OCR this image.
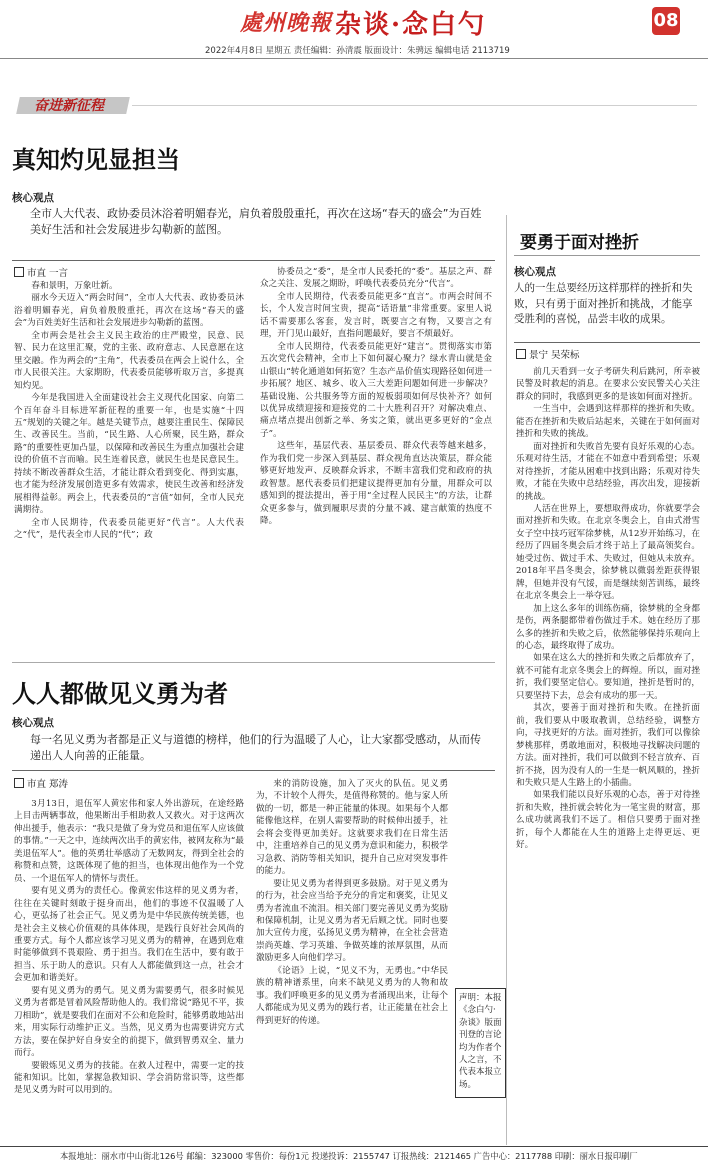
處州晚報 杂谈·念白勺	08
2022年4月8日 星期五 责任编辑：孙清震 版面设计：朱骋远 编辑电话 2113719
奋进新征程
真知灼见显担当
核心观点
全市人大代表、政协委员沐浴着明媚春光，肩负着殷殷重托，再次在这场“春天的盛会”为百姓美好生活和社会发展进步勾勒新的蓝图。
市直 一言

春和景明，万象吐新。

丽水今天迈入“两会时间”，全市人大代表、政协委员沐浴着明媚春光，肩负着殷殷重托，再次在这场“春天的盛会”为百姓美好生活和社会发展进步勾勒新的蓝图。

全市两会是社会主义民主政治的庄严殿堂，民意、民智、民力在这里汇聚，党的主张、政府意志、人民意愿在这里交融。作为两会的“主角”，代表委员在两会上说什么，全市人民很关注。大家期盼，代表委员能够听取万言，多提真知灼见。

今年是我国进入全面建设社会主义现代化国家、向第二个百年奋斗目标进军新征程的重要一年，也是实施“十四五”规划的关键之年。越是关键节点，越要注重民生、保障民生、改善民生。当前，“民生路、人心所聚，民生路，群众路”的重要性更加凸显，以保障和改善民生为重点加强社会建设的价值不言而喻。民生连着民意，就民生也是民意民生。持续不断改善群众生活，才能让群众看到变化、得到实惠，也才能为经济发展创造更多有效需求，使民生改善和经济发展相得益彰。两会上，代表委员的“言值”如何，全市人民充满期待。

全市人民期待，代表委员能更好“代言”。人大代表之“代”，是代表全市人民的“代”；政

协委员之“委”，是全市人民委托的“委”。基层之声、群众之关注、发展之期盼，呼唤代表委员充分“代言”。

全市人民期待，代表委员能更多“直言”。市两会时间不长，个人发言时间宝贵，提高“话语量”非常重要。家里人说话不需要那么客套，发言时，既要言之有物，又要言之有理，开门见山最好，直指问题最好，要言不烦最好。

全市人民期待，代表委员能更好“建言”。贯彻落实市第五次党代会精神，全市上下如何凝心聚力？绿水青山就是金山银山“转化通道如何拓宽？生态产品价值实现路径如何进一步拓展？地区、城乡、收入三大差距问题如何进一步解决？基础设施、公共服务等方面的短板弱项如何尽快补齐？如何以优异成绩迎接和迎接党的二十大胜利召开？对解决难点、痛点堵点提出创新之举、务实之策，就出更多更好的“金点子”。

这些年，基层代表、基层委员、群众代表等越来越多，作为我们党一步深入到基层、群众视角直达决策层，群众能够更好地发声、反映群众诉求，不断丰富我们党和政府的执政智慧。愿代表委员们把建议提得更加有分量，用群众可以感知到的提法提出，善于用“全过程人民民主”的方法，让群众更多参与，做到履职尽责的分量不减、建言献策的热度不降。

人人都做见义勇为者
核心观点
每一名见义勇为者都是正义与道德的榜样，他们的行为温暖了人心，让大家都受感动，从而传递出人人向善的正能量。
市直 郑涛

3月13日，退伍军人黄宏伟和家人外出游玩，在途经路上目击两辆事故，他果断出手相助救人又救火。对于这两次伸出援手，他表示：“我只是做了身为党员和退伍军人应该做的事情。”一天之中，连续两次出手的黄宏伟，被网友称为“最美退伍军人”。他的英勇壮举感动了无数网友，得到全社会的称赞和点赞，这既体现了他的担当，也体现出他作为一个党员、一个退伍军人的情怀与责任。

要有见义勇为的责任心。像黄宏伟这样的见义勇为者，往往在关键时刻敢于挺身而出，他们的事迹不仅温暖了人心，更弘扬了社会正气。见义勇为是中华民族传统美德，也是社会主义核心价值观的具体体现，是践行良好社会风尚的重要方式。每个人都应该学习见义勇为的精神，在遇到危难时能够做到不畏艰险、勇于担当。我们在生活中，要有敢于担当、乐于助人的意识。只有人人都能做到这一点，社会才会更加和谐美好。

要有见义勇为的勇气。见义勇为需要勇气，很多时候见义勇为者都是冒着风险帮助他人的。我们常说“路见不平，拔刀相助”，就是要我们在面对不公和危险时，能够勇敢地站出来，用实际行动维护正义。当然，见义勇为也需要讲究方式方法，要在保护好自身安全的前提下，做到智勇双全、量力而行。

要锻炼见义勇为的技能。在救人过程中，需要一定的技能和知识。比如，掌握急救知识、学会消防常识等，这些都是见义勇为时可以用到的。

来的消防设施，加入了灭火的队伍。见义勇为，不计较个人得失，是值得称赞的。他与家人所做的一切，都是一种正能量的体现。如果每个人都能像他这样，在别人需要帮助的时候伸出援手，社会将会变得更加美好。这就要求我们在日常生活中，注重培养自己的见义勇为意识和能力，积极学习急救、消防等相关知识，提升自己应对突发事件的能力。

要让见义勇为者得到更多鼓励。对于见义勇为的行为，社会应当给予充分的肯定和褒奖，让见义勇为者流血不流泪。相关部门要完善见义勇为奖励和保障机制，让见义勇为者无后顾之忧。同时也要加大宣传力度，弘扬见义勇为精神，在全社会营造崇尚英雄、学习英雄、争做英雄的浓厚氛围，从而激励更多人向他们学习。

《论语》上说，“见义不为，无勇也。”中华民族的精神谱系里，向来不缺见义勇为的人物和故事。我们呼唤更多的见义勇为者涌现出来，让每个人都能成为见义勇为的践行者，让正能量在社会上得到更好的传递。

声明：本报《念白勺·杂谈》版面刊登的言论均为作者个人之言，不代表本报立场。
要勇于面对挫折
核心观点
人的一生总要经历这样那样的挫折和失败，只有勇于面对挫折和挑战，才能享受胜利的喜悦，品尝丰收的成果。
景宁 吴荣标

前几天看到一女子考研失利后跳河，所幸被民警及时救起的消息。在要求公安民警关心关注群众的同时，我感到更多的是该如何面对挫折。

一生当中，会遇到这样那样的挫折和失败。能否在挫折和失败后站起来，关键在于如何面对挫折和失败的挑战。

面对挫折和失败首先要有良好乐观的心态。乐观对待生活，才能在不如意中看到希望；乐观对待挫折，才能从困难中找到出路；乐观对待失败，才能在失败中总结经验，再次出发，迎接新的挑战。

人活在世界上，要想取得成功，你就要学会面对挫折和失败。在北京冬奥会上，自由式滑雪女子空中技巧冠军徐梦桃，从12岁开始练习，在经历了四届冬奥会后才终于站上了最高领奖台。她受过伤、做过手术、失败过，但她从未放弃。2018年平昌冬奥会，徐梦桃以微弱差距获得银牌，但她并没有气馁，而是继续刻苦训练，最终在北京冬奥会上一举夺冠。

加上这么多年的训练伤痛，徐梦桃的全身都是伤，两条腿都带着伤做过手术。她在经历了那么多的挫折和失败之后，依然能够保持乐观向上的心态，最终取得了成功。

如果在这么大的挫折和失败之后都放弃了，就不可能有北京冬奥会上的辉煌。所以，面对挫折，我们要坚定信心。要知道，挫折是暂时的，只要坚持下去，总会有成功的那一天。

其次，要善于面对挫折和失败。在挫折面前，我们要从中吸取教训，总结经验，调整方向，寻找更好的方法。面对挫折，我们可以像徐梦桃那样，勇敢地面对，积极地寻找解决问题的方法。面对挫折，我们可以做到不轻言放弃、百折不挠，因为没有人的一生是一帆风顺的，挫折和失败只是人生路上的小插曲。

如果我们能以良好乐观的心态，善于对待挫折和失败，挫折就会转化为一笔宝贵的财富，那么成功就离我们不远了。相信只要勇于面对挫折，每个人都能在人生的道路上走得更远、更好。

本报地址：丽水市中山街北126号 邮编：323000 零售价：每份1元 投递投诉：2155747 订报热线：2121465 广告中心：2117788 印刷：丽水日报印刷厂
